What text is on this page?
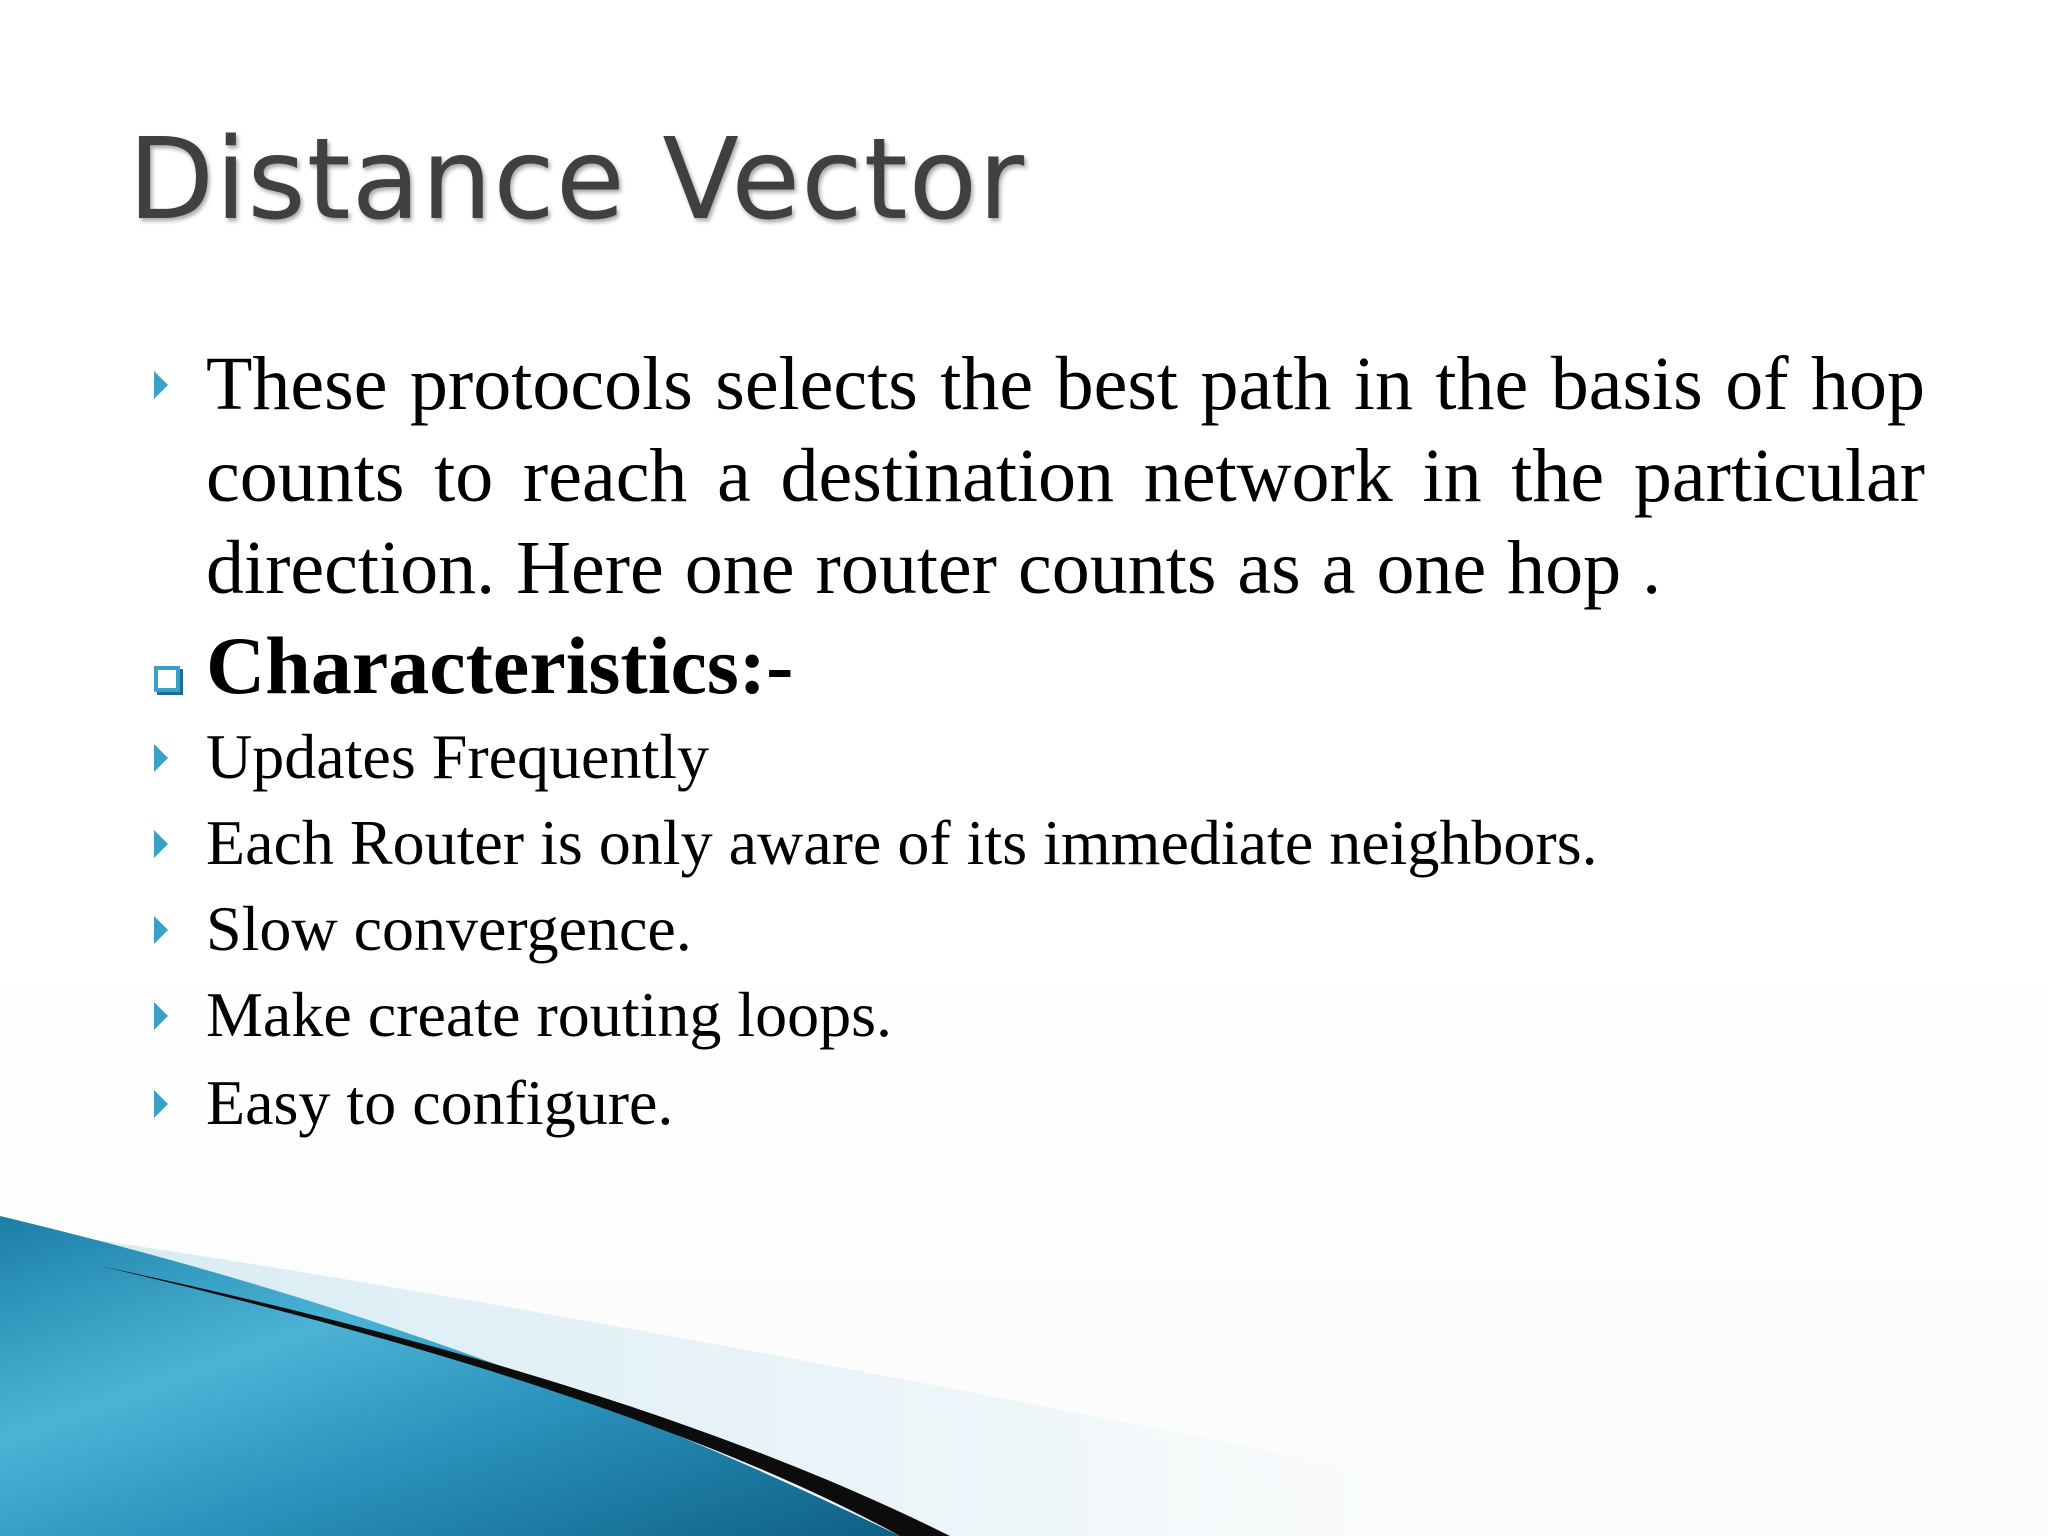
Distance Vector
These protocols selects the best path in the basis of hop counts to reach a destination network in the particular direction. Here one router counts as a one hop .
Characteristics:-
Updates Frequently
Each Router is only aware of its immediate neighbors.
Slow convergence.
Make create routing loops.
Easy to configure.
